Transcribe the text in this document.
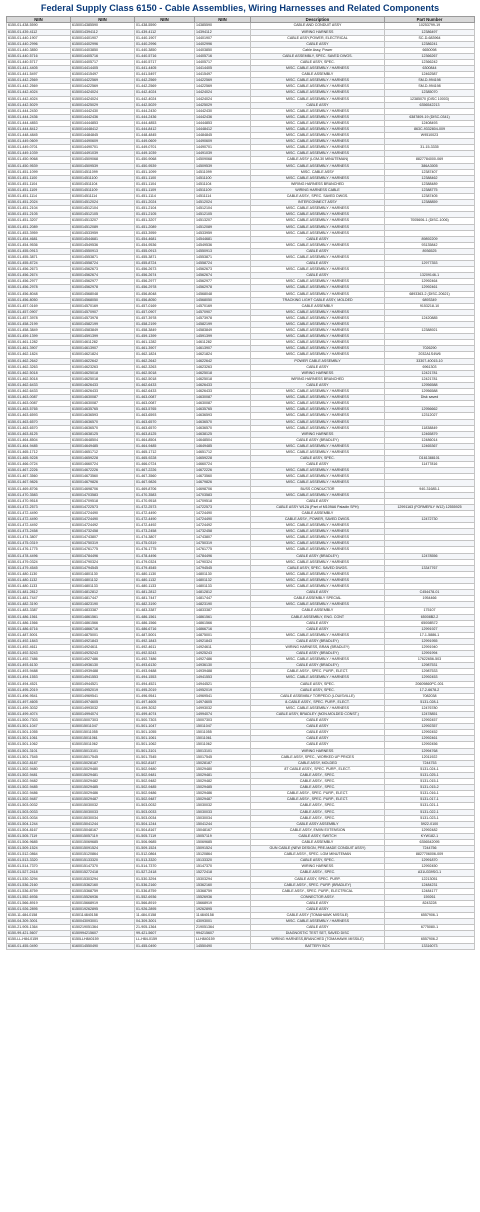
Federal Supply Class 6150 - Cable Assemblies, Wiring Harnesses and Related Components
NIIN	NIIN	NIIN	NIIN	Description	Part Number
6150-01-438-5590	6150014385590	01-438-5590	14385590	CABLE AND CONDUIT ASSY	10253799-19
6150-01-439-4112	6150014394112	01-439-4112	14394112	WIRING HARNESS	12386497
6150-01-440-1907	6150014401907	01-440-1907	14401907	CABLE ASSY,POWER, ELECTRICAL	SC-D-683964
6150-01-440-2996	6150014402996	01-440-2996	14402996	CABLE ASSY	12386241
6150-01-440-3850	6150014403850	01-440-3850	14403850	Cable Assy, Power	6650098
6150-01-440-5716	6150014405716	01-440-5716	14405716	CABLE ASSEMBLY, SPEC. SAVED DWGS.	12366267
6150-01-440-5717	6150014405717	01-440-5717	14405717	CABLE ASSY, SPEC.	12366242
6150-01-441-4405	6150014414405	01-441-4405	14414405	MISC. CABLE ASSEMBLY / HARNESS	6300844
6150-01-441-5497	6150014415497	01-441-5497	14415497	CABLE ASSEMBLY	12462587
6150-01-442-2569	6150014422569	01-442-2569	14422569	MISC. CABLE ASSEMBLY / HARNESS	SM-D-994198
6150-01-442-2569	6150014422569	01-442-2569	14422569	MISC. CABLE ASSEMBLY / HARNESS	SM-D-994198
6150-01-442-4024	6150014424024	01-442-4024	14424024	MISC. CABLE ASSEMBLY / HARNESS	12385070
6150-01-442-4024	6150014424024	01-442-4024	14424024	MISC. CABLE ASSEMBLY / HARNESS	12385070 (DISC 10003)
6150-01-442-5029	6150014425029	01-442-5029	14425029	CABLE ASSY	6356542213
6150-01-444-2430	6150014442430	01-444-2430	14442430	MISC. CABLE ASSEMBLY / HARNESS	
6150-01-444-2436	6150014442436	01-444-2436	14442436	MISC. CABLE ASSEMBLY / HARNESS	6387809-19 (DISC-0341)
6150-01-444-4853	6150014444853	01-444-4853	14444853	MISC. CABLE ASSEMBLY / HARNESS	12408493
6150-01-444-8412	6150014448412	01-444-8412	14448412	MISC. CABLE ASSEMBLY / HARNESS	863C-9332804-009
6150-01-448-4845	6150014484845	01-448-4845	14484845	MISC. CABLE ASSEMBLY / HARNESS	W9510023
6150-01-449-0609	6150014490609	01-449-0609	14490609	MISC. CABLE ASSEMBLY / HARNESS	
6150-01-449-0701	6150014490701	01-449-0701	14490701	MISC. CABLE ASSEMBLY / HARNESS	31-15-3335
6150-01-449-1039	6150014491039	01-449-1039	14491039	MISC. CABLE ASSEMBLY / HARNESS	
6150-01-450-9068	6150014509068	01-450-9068	14509068	CABLE ASSY (LGM-30 MINUTEMAN)	8827784000-069
6150-01-450-9539	6150014509539	01-450-9539	14509539	MISC. CABLE ASSEMBLY / HARNESS	386A3005
6150-01-451-1099	6150014511099	01-451-1099	14511099	MISC. CABLE ASSY	12387407
6150-01-451-1100	6150014511100	01-451-1100	14511100	MISC. CABLE ASSEMBLY / HARNESS	12388462
6150-01-451-1104	6150014511104	01-451-1104	14511104	WIRING HARNESS BRANCHED	12388489
6150-01-451-1109	6150014511109	01-451-1109	14511109	WIRING HARNESS CABLE	12388775
6150-01-451-1114	6150014511114	01-451-1114	14511114	CABLE ASSY., SPEC. SAVED DWGS.	12387405
6150-01-451-2024	6150014512024	01-451-2024	14512024	INTERCONNECT ASSY	12388859
6150-01-451-2104	6150014512104	01-451-2104	14512104	MISC. CABLE ASSEMBLY / HARNESS	
6150-01-451-2105	6150014512105	01-451-2105	14512105	MISC. CABLE ASSEMBLY / HARNESS	
6150-01-451-3207	6150014513207	01-451-3207	14513207	MISC. CABLE ASSEMBLY / HARNESS	7005606-1 (DISC-1006)
6150-01-451-2089	6150014512089	01-451-2089	14512089	MISC. CABLE ASSEMBLY / HARNESS	
6150-01-453-3959	6150014533959	01-453-3959	14533959	MISC. CABLE ASSEMBLY / HARNESS	
6150-01-454-4681	6150014544681	01-454-4681	14544681	CABLE ASSY	89892209
6150-01-454-9536	6150014549536	01-454-9536	14549536	MISC. CABLE ASSEMBLY / HARNESS	93135842
6150-01-455-0913	6150014550913	01-455-0913	14550913	CABLE ASSY	8936525
6150-01-455-3871	6150014553871	01-455-3871	14553871	MISC. CABLE ASSEMBLY / HARNESS	
6150-01-455-8724	6150014558724	01-455-8724	14558724	CABLE ASSY	12977353
6150-01-456-2673	6150014562673	01-456-2673	14562673	MISC. CABLE ASSEMBLY / HARNESS	
6150-01-456-2674	6150014562674	01-456-2674	14562674	CABLE ASSY	13209146-1
6150-01-456-2977	6150014562977	01-456-2977	14562977	MISC. CABLE ASSEMBLY / HARNESS	12992464
6150-01-456-2978	6150014562978	01-456-2978	14562978	MISC. CABLE ASSEMBLY / HARNESS	12992461
6150-01-456-8048	6150014568048	01-456-8048	14568048	MISC. CABLE ASSEMBLY / HARNESS	6893363-2 (DISC-20621)
6150-01-456-8050	6150014568050	01-456-8050	14568050	TRACKING LIGHT CABLE ASSY, MOLDED	6893349
6150-01-457-0169	6150014570169	01-457-0169	14570169	CABLE ASSEMBLY	9153218-10
6150-01-457-0907	6150014570907	01-457-0907	14570907	MISC. CABLE ASSEMBLY / HARNESS	
6150-01-457-3978	6150014573978	01-457-3978	14573978	MISC. CABLE ASSEMBLY / HARNESS	12420885
6150-01-458-2199	6150014582199	01-458-2199	14582199	MISC. CABLE ASSEMBLY / HARNESS	
6150-01-458-3849	6150014583849	01-458-3849	14583849	MISC. CABLE ASSEMBLY / HARNESS	12388921
6150-01-459-1399	6150014591399	01-459-1399	14591399	MISC. CABLE ASSEMBLY / HARNESS	
6150-01-461-1282	6150014611282	01-461-1282	14611282	MISC. CABLE ASSEMBLY / HARNESS	
6150-01-461-3907	6150014613907	01-461-3907	14613907	MISC. CABLE ASSEMBLY / HARNESS	7026290
6150-01-462-1824	6150014621824	01-462-1824	14621824	MISC. CABLE ASSEMBLY / HARNESS	2032A1S4W6
6150-01-462-2642	6150014622642	01-462-2642	14622642	POWER CABLE ASSEMBLY	33307-40015-10
6150-01-462-3263	6150014623263	01-462-3263	14623263	CABLE ASSY	6961303
6150-01-462-5018	6150014625018	01-462-5018	14625018	WIRING HARNESS	12421781
6150-01-462-5018	6150014625018	01-462-5018	14625018	WIRING HARNESS BRANCHED	12421781
6150-01-462-6433	6150014626433	01-462-6433	14626433	CABLE ASSY	12956588
6150-01-462-6433	6150014626433	01-462-6433	14626433	MISC. CABLE ASSEMBLY / HARNESS	12956588
6150-01-463-0087	6150014630087	01-463-0087	14630087	MISC. CABLE ASSEMBLY / HARNESS	Disk saved
6150-01-463-0087	6150014630087	01-463-0087	14630087	MISC. CABLE ASSEMBLY / HARNESS	
6150-01-463-5765	6150014635765	01-463-5765	14635765	MISC. CABLE ASSEMBLY / HARNESS	12956662
6150-01-463-6593	6150014636593	01-463-6593	14636593	MISC. CABLE ASSEMBLY / HARNESS	12312027
6150-01-463-6570	6150014636570	01-463-6570	14636570	MISC. CABLE ASSEMBLY / HARNESS	
6150-01-463-6570	6150014636570	01-463-6570	14636570	MISC. CABLE ASSEMBLY / HARNESS	11838849
6150-01-463-8125	6150014638125	01-463-8125	14638125	WIRING HARNESS	12465879
6150-01-464-8504	6150014648504	01-464-8504	14648504	CABLE ASSY (BRADLEY)	12486014
6150-01-464-9485	6150014649485	01-464-9485	14649485	MISC. CABLE ASSEMBLY / HARNESS	12465367
6150-01-465-1712	6150014651712	01-465-1712	14651712	MISC. CABLE ASSEMBLY / HARNESS	
6150-01-465-9228	6150014659228	01-465-9228	14659228	CABLE ASSY, SPEC.	D161388101
6150-01-466-0724	6150014660724	01-466-0724	14660724	CABLE ASSY	11477816
6150-01-467-2226	6150014672226	01-467-2226	14672226	MISC. CABLE ASSEMBLY / HARNESS	
6150-01-467-3560	6150014673560	01-467-3560	14673560	MISC. CABLE ASSEMBLY / HARNESS	
6150-01-467-9826	6150014679826	01-467-9826	14679826	MISC. CABLE ASSEMBLY / HARNESS	
6150-01-469-8706	6150014698706	01-469-8706	14698706	BUSS CONDUCTOR	940-31685-1
6150-01-470-3583	6150014703583	01-470-3583	14703583	MISC. CABLE ASSEMBLY / HARNESS	
6150-01-470-9518	6150014709518	01-470-9518	14709518	CABLE ASSY	
6150-01-472-2573	6150014722573	01-472-2573	14722573	CABLE ASSY W12A (Part of M109A6 Paladin SPH)	12991163 (FORMERLY W12) 12555925
6150-01-472-4490	6150014724490	01-472-4490	14724490	CABLE ASSEMBLY	
6150-01-472-4490	6150014724490	01-472-4490	14724490	CABLE ASSY., POWER, SAVED DWGS.	12472730
6150-01-472-4492	6150014724492	01-472-4492	14724492	MISC. CABLE ASSEMBLY / HARNESS	
6150-01-473-2458	6150014732458	01-473-2458	14732458	MISC. CABLE ASSEMBLY / HARNESS	
6150-01-474-3807	6150014743807	01-474-3807	14743807	MISC. CABLE ASSEMBLY / HARNESS	
6150-01-475-0319	6150014750319	01-475-0319	14750319	MISC. CABLE ASSEMBLY / HARNESS	
6150-01-476-1775	6150014761775	01-476-1775	14761775	MISC. CABLE ASSEMBLY / HARNESS	
6150-01-478-4496	6150014784496	01-478-4496	14784496	CABLE ASSY (BRADLEY)	12478556
6150-01-479-0324	6150014790324	01-479-0324	14790324	MISC. CABLE ASSEMBLY / HARNESS	
6150-01-479-4545	6150014794545	01-479-4545	14794545	CABLE ASSY, SPEC. SAVED DWGS.	13347767
6150-01-480-1130	6150014801130	01-480-1130	14801130	MISC. CABLE ASSEMBLY / HARNESS	
6150-01-480-1132	6150014801132	01-480-1132	14801132	MISC. CABLE ASSEMBLY / HARNESS	
6150-01-480-1133	6150014801133	01-480-1133	14801133	MISC. CABLE ASSEMBLY / HARNESS	
6150-01-481-2812	6150014812812	01-481-2812	14812812	CABLE ASSY	C454478-01
6150-01-481-7447	6150014817447	01-481-7447	14817447	CABLE ASSEMBLY SPECIAL	1954466
6150-01-482-3190	6150014823190	01-482-3190	14823190	MISC. CABLE ASSEMBLY / HARNESS	
6150-01-483-3387	6150014833387	01-483-3387	14833387	CABLE ASSEMBLY	175107
6150-01-486-1561	6150014861561	01-486-1561	14861561	CABLE ASSEMBLY, ENG. CONT	65008B2-2
6150-01-486-1566	6150014861566	01-486-1566	14861566	CABLE ASSY	65008B72
6150-01-486-6716	6150014866716	01-486-6716	14866716	CABLE ASSY	12991927
6150-01-487-5001	6150014875001	01-487-5001	14875001	MISC. CABLE ASSEMBLY / HARNESS	17-1-5886-1
6150-01-492-1843	6150014921843	01-492-1843	14921843	CABLE ASSY (BRADLEY)	12991955
6150-01-492-4611	6150014924611	01-492-4611	14924611	WIRING HARNESS, BRAN (BRADLEY)	12991940
6150-01-492-5243	6150014925243	01-492-5243	14925243	CABLE ASSY (BRADLEY)	12991994
6150-01-492-7486	6150014927486	01-492-7486	14927486	MISC. CABLE ASSEMBLY / HARNESS	17622656-503
6150-01-493-6130	6150014936130	01-493-6130	14936130	CABLE ASSY (BRADLEY)	12987531
6150-01-493-9488	6150014939488	01-493-9488	14939488	CABLE ASSY., SPEC. PURP., ELECT.	12987533
6150-01-494-1553	6150014941553	01-494-1553	14941553	MISC. CABLE ASSEMBLY / HARNESS	12992453
6150-01-494-4521	6150014944521	01-494-4521	14944521	CABLE ASSY, SPEC.	20609860PC-001
6150-01-495-2019	6150014952019	01-495-2019	14952019	CABLE ASSY, SPEC.	17-2-6678-2
6150-01-496-9541	6150014969541	01-496-9541	14969541	CABLE ASSEMBLY TORPEDO (LOUISVILLE)	7082038
6150-01-497-4605	6150014974605	01-497-4605	14974605	8-CABLE ASSY., SPEC. PURP., ELECT.	5131-028-1
6150-01-499-3032	6150014993032	01-499-3032	14993032	MISC. CABLE ASSEMBLY / HARNESS	12476780
6150-01-499-4074	6150014994074	01-499-4074	14994074	CABLE ASSY, BRADLEY (NON-MOLDED CONST.)	12478851
6150-01-500-7303	6150015007303	01-500-7303	15007303	CABLE ASSY	12992457
6150-01-501-1047	6150015011047	01-501-1047	15011047	CABLE ASSY	12992357
6150-01-501-1055	6150015011055	01-501-1055	15011055	CABLE ASSY	12992452
6150-01-501-1061	6150015011061	01-501-1061	15011061	CABLE ASSY	12992461
6150-01-501-1062	6150015011062	01-501-1062	15011062	CABLE ASSY	12992456
6150-01-501-3101	6150015013101	01-501-3101	15013101	WIRING HARNESS	12994768
6150-01-501-7545	6150015017545	01-501-7545	15017545	CABLE ASSY, SPEC., WORKED UP PRICES	12011922
6150-01-502-8187	6150015028187	01-502-8187	15028187	CABLE ASSY, MOLDED	7244753
6150-01-502-9480	6150015029480	01-502-9480	15029480	8T CABLE ASSY., SPEC. PURP., ELECT.	5131-024-1
6150-01-502-9481	6150015029481	01-502-9481	15029481	CABLE ASSY., SPEC.	5131-025-1
6150-01-502-9482	6150015029482	01-502-9482	15029482	CABLE ASSY., SPEC.	5131-015-1
6150-01-502-9485	6150015029485	01-502-9485	15029485	CABLE ASSY., SPEC.	5131-015-2
6150-01-502-9486	6150015029486	01-502-9486	15029486	CABLE ASSY., SPEC. PURP., ELECT.	5131-016-1
6150-01-502-9487	6150015029487	01-502-9487	15029487	CABLE ASSY., SPEC. PURP., ELECT.	5131-017-1
6150-01-503-0032	6150015030032	01-503-0032	15030032	CABLE ASSY., SPEC.	5131-021-1
6150-01-503-0033	6150015030033	01-503-0033	15030033	CABLE ASSY., SPEC.	5131-022-1
6150-01-503-0034	6150015030034	01-503-0034	15030034	CABLE ASSY., SPEC.	5131-023-1
6150-01-504-1244	6150015041244	01-504-1244	15041244	CABLE ASSY ASSEMBLY	5922-0100
6150-01-504-8167	6150015048167	01-504-8167	15048167	CABLE ASSY, EMIIN EXTENSION	12992482
6150-01-505-7119	6150015057119	01-505-7119	15057119	CABLE ASSY, SWITCH	KYW182-1
6150-01-506-9685	6150015069685	01-506-9685	15069685	CABLE ASSEMBLY	6356542095
6150-01-509-1524	6150015091524	01-509-1524	15091524	GUN CABLE (NEW DESIGN, PRE-MADE CONDUIT ASSY)	7244756
6150-01-512-0864	6150015120864	01-512-0864	15120864	CABLE ASSY., SPEC. LGM MINUTEMAN	8827706006-009
6150-01-513-3320	6150015133320	01-513-3320	15133320	CABLE ASSY, SPEC.	12991870
6150-01-514-7370	6150015147370	01-514-7370	15147370	WIRING HARNESS	12992450
6150-01-527-2418	6150015272418	01-527-2418	15272418	CABLE ASSY., SPEC.	A31U339SG-1
6150-01-530-3294	6150015303294	01-530-3294	15303294	CABLE ASSY, SPEC. PURP.	12213051
6150-01-536-2160	6150015362160	01-536-2160	15362160	CABLE ASSY., SPEC. PURP. (BRADLEY)	12484231
6150-01-536-8759	6150015368759	01-536-8759	15368759	CABLE ASSY., SPEC. PURP., ELECTRICAL	12484177
6150-01-552-6936	6150015526936	01-552-6936	15526936	CONNECTOR ASSY.	159261
6150-01-566-8919	6150015668919	01-566-8919	15668919	CABLE ASSY	8243228
6150-01-926-2895	6150019262895	01-926-2895	19262895	CABLE ASSY	
6150-11-484-0158	6150114840158	11-484-0158	114840158	CABLE ASSY (TOMAHAWK MISSILE)	6557906-1
6150-04-309-3001	6150043093001	04-309-3001	43093001	MISC. CABLE ASSEMBLY / HARNESS	
6150-21-905-1364	6150219051364	21-905-1364	219051364	CABLE ASSY	6775080-1
6150-99-421-5607	6150994215607	99-421-5607	994215607	DIAGNOSTIC TEST SET, SAVED DISC	
6150-LL-H84-0159	6150LLH840159	LL-H84-0159	LLH840159	WIRING HARNESS,BRANCHED (TOMAHAWK MISSILE)	6557906-2
6160-01-455-0490	6160014550490	01-455-0490	14550490	BATTERY BOX	13316073
